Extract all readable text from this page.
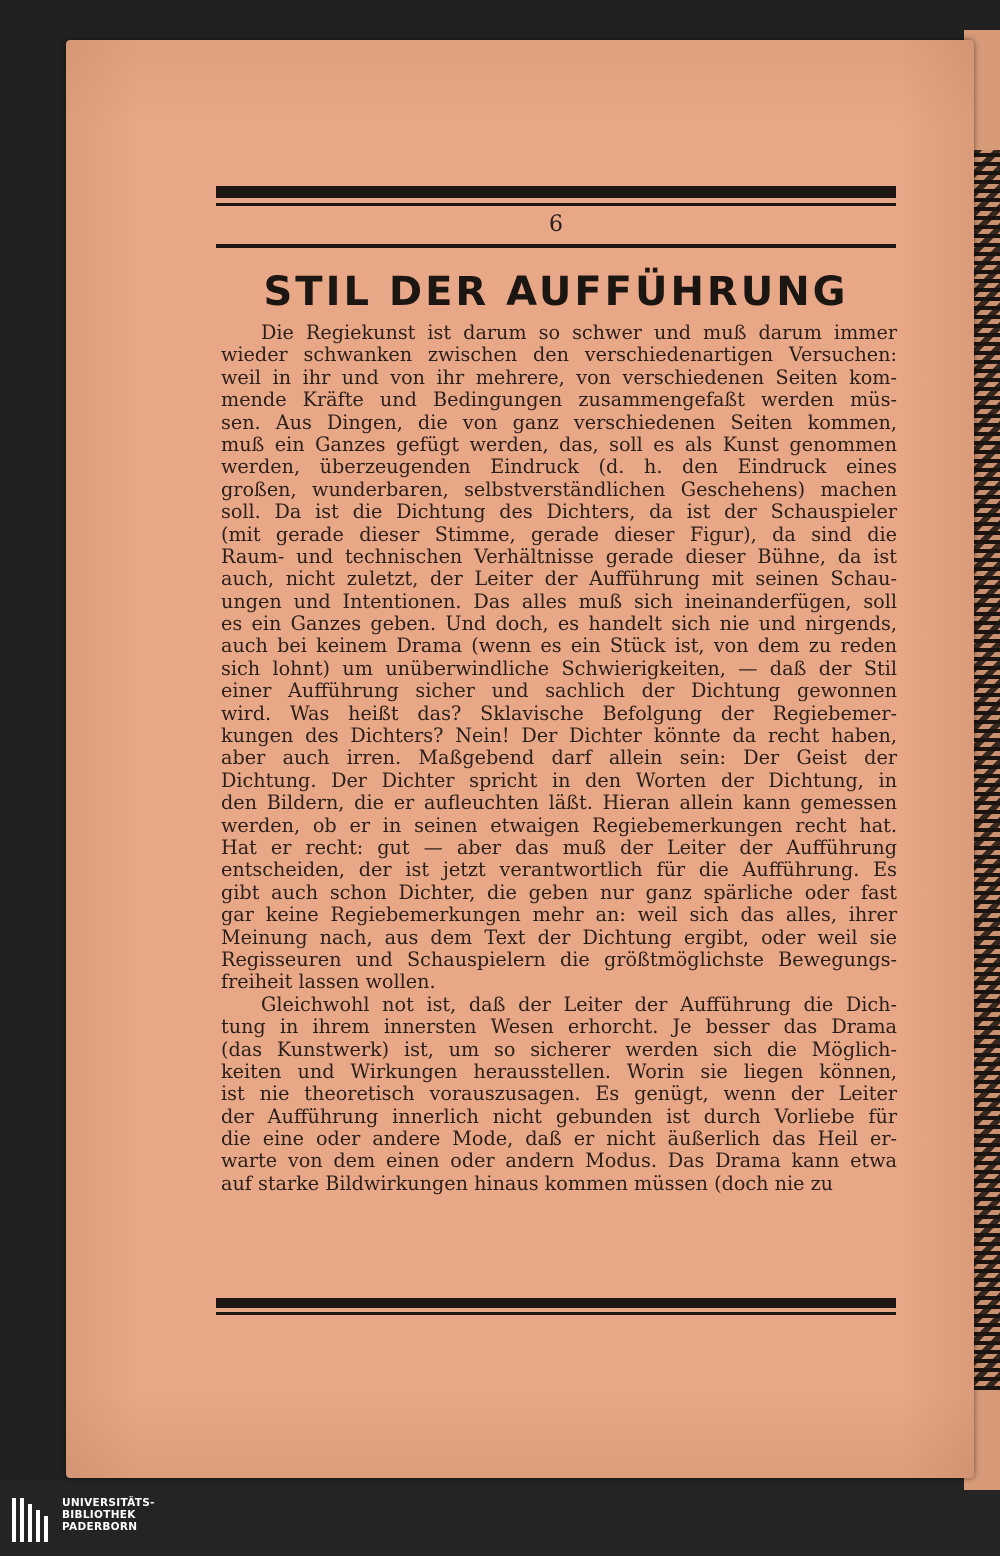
6
STIL DER AUFFÜHRUNG
Die Regiekunst ist darum so schwer und muß darum immer
wieder schwanken zwischen den verschiedenartigen Versuchen:
weil in ihr und von ihr mehrere, von verschiedenen Seiten kom-
mende Kräfte und Bedingungen zusammengefaßt werden müs-
sen. Aus Dingen, die von ganz verschiedenen Seiten kommen,
muß ein Ganzes gefügt werden, das, soll es als Kunst genommen
werden, überzeugenden Eindruck (d. h. den Eindruck eines
großen, wunderbaren, selbstverständlichen Geschehens) machen
soll. Da ist die Dichtung des Dichters, da ist der Schauspieler
(mit gerade dieser Stimme, gerade dieser Figur), da sind die
Raum- und technischen Verhältnisse gerade dieser Bühne, da ist
auch, nicht zuletzt, der Leiter der Aufführung mit seinen Schau-
ungen und Intentionen. Das alles muß sich ineinanderfügen, soll
es ein Ganzes geben. Und doch, es handelt sich nie und nirgends,
auch bei keinem Drama (wenn es ein Stück ist, von dem zu reden
sich lohnt) um unüberwindliche Schwierigkeiten, — daß der Stil
einer Aufführung sicher und sachlich der Dichtung gewonnen
wird. Was heißt das? Sklavische Befolgung der Regiebemer-
kungen des Dichters? Nein! Der Dichter könnte da recht haben,
aber auch irren. Maßgebend darf allein sein: Der Geist der
Dichtung. Der Dichter spricht in den Worten der Dichtung, in
den Bildern, die er aufleuchten läßt. Hieran allein kann gemessen
werden, ob er in seinen etwaigen Regiebemerkungen recht hat.
Hat er recht: gut — aber das muß der Leiter der Aufführung
entscheiden, der ist jetzt verantwortlich für die Aufführung. Es
gibt auch schon Dichter, die geben nur ganz spärliche oder fast
gar keine Regiebemerkungen mehr an: weil sich das alles, ihrer
Meinung nach, aus dem Text der Dichtung ergibt, oder weil sie
Regisseuren und Schauspielern die größtmöglichste Bewegungs-
freiheit lassen wollen.
Gleichwohl not ist, daß der Leiter der Aufführung die Dich-
tung in ihrem innersten Wesen erhorcht. Je besser das Drama
(das Kunstwerk) ist, um so sicherer werden sich die Möglich-
keiten und Wirkungen herausstellen. Worin sie liegen können,
ist nie theoretisch vorauszusagen. Es genügt, wenn der Leiter
der Aufführung innerlich nicht gebunden ist durch Vorliebe für
die eine oder andere Mode, daß er nicht äußerlich das Heil er-
warte von dem einen oder andern Modus. Das Drama kann etwa
auf starke Bildwirkungen hinaus kommen müssen (doch nie zu
UNIVERSITÄTS-
BIBLIOTHEK
PADERBORN
